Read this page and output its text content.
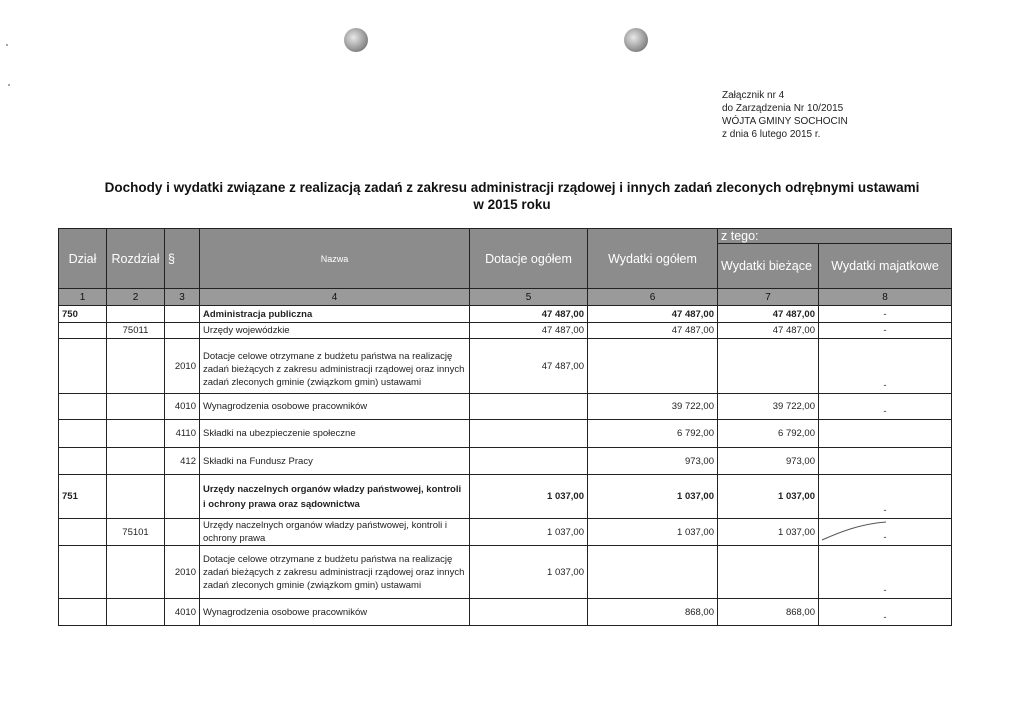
Załącznik nr 4
do Zarządzenia Nr 10/2015
WÓJTA GMINY SOCHOCIN
z dnia 6 lutego 2015 r.
Dochody i wydatki związane z realizacją zadań z zakresu administracji rządowej i innych zadań zleconych odrębnymi ustawami
w 2015 roku
Dział	Rozdział	§	Nazwa	Dotacje ogółem	Wydatki ogółem	z tego:	
						Wydatki bieżące	Wydatki majatkowe
1	2	3	4	5	6	7	8
750			Administracja publiczna	47 487,00	47 487,00	47 487,00	-
	75011		Urzędy wojewódzkie	47 487,00	47 487,00	47 487,00	-
		2010	Dotacje celowe otrzymane z budżetu państwa na realizację zadań bieżących z zakresu administracji rządowej oraz innych zadań zleconych gminie (związkom gmin) ustawami	47 487,00			-
		4010	Wynagrodzenia osobowe pracowników		39 722,00	39 722,00	-
		4110	Składki na ubezpieczenie społeczne		6 792,00	6 792,00	
		412	Składki na Fundusz Pracy		973,00	973,00	
751			Urzędy naczelnych organów władzy państwowej, kontroli i ochrony prawa oraz sądownictwa	1 037,00	1 037,00	1 037,00	-
	75101		Urzędy naczelnych organów władzy państwowej, kontroli i ochrony prawa	1 037,00	1 037,00	1 037,00	-
		2010	Dotacje celowe otrzymane z budżetu państwa na realizację zadań bieżących z zakresu administracji rządowej oraz innych zadań zleconych gminie (związkom gmin) ustawami	1 037,00			-
		4010	Wynagrodzenia osobowe pracowników		868,00	868,00	-
